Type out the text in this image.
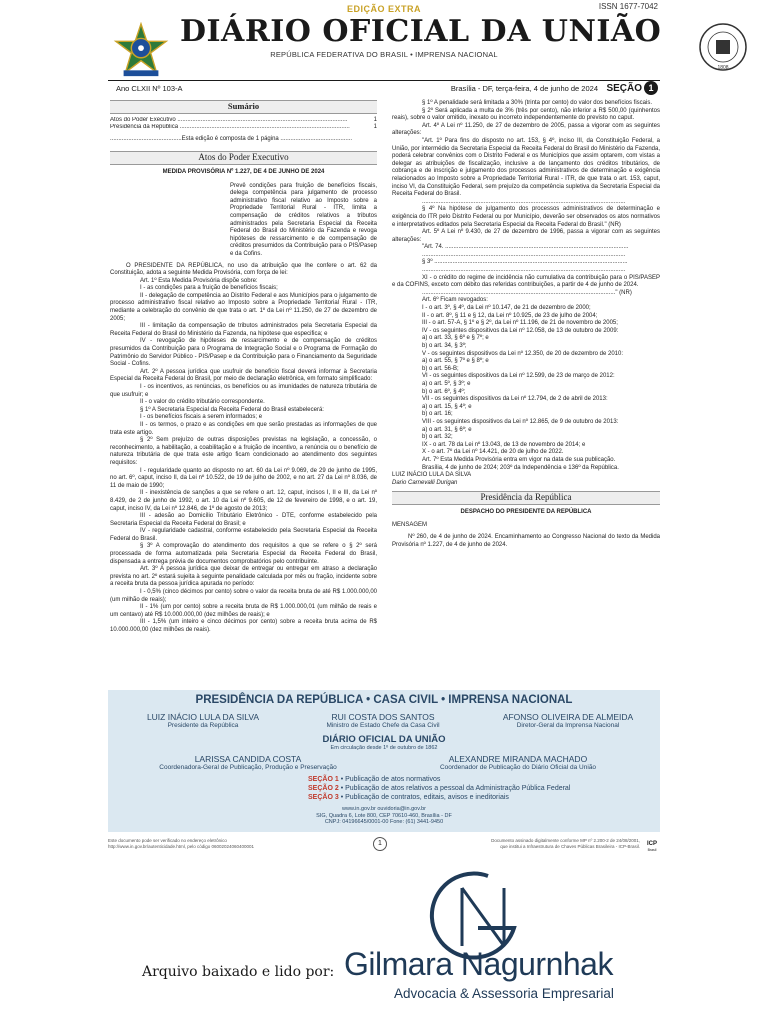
EDIÇÃO EXTRA	ISSN 1677-7042
DIÁRIO OFICIAL DA UNIÃO
REPÚBLICA FEDERATIVA DO BRASIL • IMPRENSA NACIONAL
1808
Ano CLXII Nº 103-A	Brasília - DF, terça-feira, 4 de junho de 2024 SEÇÃO 1
Sumário
Atos do Poder Executivo ......................................................................................................	1
Presidência da República ......................................................................................................	1
...........................................Esta edição é composta de 1 página ...........................................
Atos do Poder Executivo
MEDIDA PROVISÓRIA Nº 1.227, DE 4 DE JUNHO DE 2024

Prevê condições para fruição de benefícios fiscais, delega competência para julgamento de processo administrativo fiscal relativo ao Imposto sobre a Propriedade Territorial Rural - ITR, limita a compensação de créditos relativos a tributos administrados pela Secretaria Especial da Receita Federal do Brasil do Ministério da Fazenda e revoga hipóteses de ressarcimento e de compensação de créditos presumidos da Contribuição para o PIS/Pasep e da Cofins.

O PRESIDENTE DA REPÚBLICA, no uso da atribuição que lhe confere o art. 62 da Constituição, adota a seguinte Medida Provisória, com força de lei:

Art. 1º Esta Medida Provisória dispõe sobre:

I - as condições para a fruição de benefícios fiscais;

II - delegação de competência ao Distrito Federal e aos Municípios para o julgamento de processo administrativo fiscal relativo ao Imposto sobre a Propriedade Territorial Rural - ITR, mediante a celebração do convênio de que trata o art. 1º da Lei nº 11.250, de 27 de dezembro de 2005;

III - limitação da compensação de tributos administrados pela Secretaria Especial da Receita Federal do Brasil do Ministério da Fazenda, na hipótese que especifica; e

IV - revogação de hipóteses de ressarcimento e de compensação de créditos presumidos da Contribuição para o Programa de Integração Social e o Programa de Formação do Patrimônio do Servidor Público - PIS/Pasep e da Contribuição para o Financiamento da Seguridade Social - Cofins.

Art. 2º A pessoa jurídica que usufruir de benefício fiscal deverá informar à Secretaria Especial da Receita Federal do Brasil, por meio de declaração eletrônica, em formato simplificado:

I - os incentivos, as renúncias, os benefícios ou as imunidades de natureza tributária de que usufruir; e

II - o valor do crédito tributário correspondente.

§ 1º A Secretaria Especial da Receita Federal do Brasil estabelecerá:

I - os benefícios fiscais a serem informados; e

II - os termos, o prazo e as condições em que serão prestadas as informações de que trata este artigo.

§ 2º Sem prejuízo de outras disposições previstas na legislação, a concessão, o reconhecimento, a habilitação, a coabilitação e a fruição de incentivo, a renúncia ou o benefício de natureza tributária de que trata este artigo ficam condicionado ao atendimento dos seguintes requisitos:

I - regularidade quanto ao disposto no art. 60 da Lei nº 9.069, de 29 de junho de 1995, no art. 6º, caput, inciso II, da Lei nº 10.522, de 19 de julho de 2002, e no art. 27 da Lei nº 8.036, de 11 de maio de 1990;

II - inexistência de sanções a que se refere o art. 12, caput, incisos I, II e III, da Lei nº 8.429, de 2 de junho de 1992, o art. 10 da Lei nº 9.605, de 12 de fevereiro de 1998, e o art. 19, caput, inciso IV, da Lei nº 12.846, de 1º de agosto de 2013;

III - adesão ao Domicílio Tributário Eletrônico - DTE, conforme estabelecido pela Secretaria Especial da Receita Federal do Brasil; e

IV - regularidade cadastral, conforme estabelecido pela Secretaria Especial da Receita Federal do Brasil.

§ 3º A comprovação do atendimento dos requisitos a que se refere o § 2º será processada de forma automatizada pela Secretaria Especial da Receita Federal do Brasil, dispensada a entrega prévia de documentos comprobatórios pelo contribuinte.

Art. 3º A pessoa jurídica que deixar de entregar ou entregar em atraso a declaração prevista no art. 2º estará sujeita à seguinte penalidade calculada por mês ou fração, incidente sobre a receita bruta da pessoa jurídica apurada no período:

I - 0,5% (cinco décimos por cento) sobre o valor da receita bruta de até R$ 1.000.000,00 (um milhão de reais);

II - 1% (um por cento) sobre a receita bruta de R$ 1.000.000,01 (um milhão de reais e um centavo) até R$ 10.000.000,00 (dez milhões de reais); e

III - 1,5% (um inteiro e cinco décimos por cento) sobre a receita bruta acima de R$ 10.000.000,00 (dez milhões de reais).

§ 1º A penalidade será limitada a 30% (trinta por cento) do valor dos benefícios fiscais.

§ 2º Será aplicada a multa de 3% (três por cento), não inferior a R$ 500,00 (quinhentos reais), sobre o valor omitido, inexato ou incorreto independentemente do previsto no caput.

Art. 4º A Lei nº 11.250, de 27 de dezembro de 2005, passa a vigorar com as seguintes alterações:

"Art. 1º Para fins do disposto no art. 153, § 4º, inciso III, da Constituição Federal, a União, por intermédio da Secretaria Especial da Receita Federal do Brasil do Ministério da Fazenda, poderá celebrar convênios com o Distrito Federal e os Municípios que assim optarem, com vistas a delegar as atribuições de fiscalização, inclusive a de lançamento dos créditos tributários, de cobrança e de inscrição e julgamento dos processos administrativos de determinação e exigência relacionados ao Imposto sobre a Propriedade Territorial Rural - ITR, de que trata o art. 153, caput, inciso VI, da Constituição Federal, sem prejuízo da competência supletiva da Secretaria Especial da Receita Federal do Brasil.

..........................................................................................................................

§ 4º Na hipótese de julgamento dos processos administrativos de determinação e exigência do ITR pelo Distrito Federal ou por Município, deverão ser observados os atos normativos e interpretativos editados pela Secretaria Especial da Receita Federal do Brasil." (NR)

Art. 5º A Lei nº 9.430, de 27 de dezembro de 1996, passa a vigorar com as seguintes alterações:

"Art. 74. ..............................................................................................................

..........................................................................................................................

§ 3º ....................................................................................................................

..........................................................................................................................

XI - o crédito do regime de incidência não cumulativa da contribuição para o PIS/PASEP e da COFINS, exceto com débito das referidas contribuições, a partir de 4 de junho de 2024.

...................................................................................................................." (NR)

Art. 6º Ficam revogados:

I - o art. 3º, § 4º, da Lei nº 10.147, de 21 de dezembro de 2000;

II - o art. 8º, § 11 e § 12, da Lei nº 10.925, de 23 de julho de 2004;

III - o art. 57-A, § 1º e § 2º, da Lei nº 11.196, de 21 de novembro de 2005;

IV - os seguintes dispositivos da Lei nº 12.058, de 13 de outubro de 2009:

a) o art. 33, § 6º e § 7º; e

b) o art. 34, § 3º;

V - os seguintes dispositivos da Lei nº 12.350, de 20 de dezembro de 2010:

a) o art. 55, § 7º e § 8º; e

b) o art. 56-B;

VI - os seguintes dispositivos da Lei nº 12.599, de 23 de março de 2012:

a) o art. 5º, § 3º; e

b) o art. 6º, § 4º;

VII - os seguintes dispositivos da Lei nº 12.794, de 2 de abril de 2013:

a) o art. 15, § 4º; e

b) o art. 16;

VIII - os seguintes dispositivos da Lei nº 12.865, de 9 de outubro de 2013:

a) o art. 31, § 6º; e

b) o art. 32;

IX - o art. 78 da Lei nº 13.043, de 13 de novembro de 2014; e

X - o art. 7º da Lei nº 14.421, de 20 de julho de 2022.

Art. 7º Esta Medida Provisória entra em vigor na data de sua publicação.

Brasília, 4 de junho de 2024; 203º da Independência e 136º da República.

LUIZ INÁCIO LULA DA SILVA

Dario Carnevalli Durigan

Presidência da República
DESPACHO DO PRESIDENTE DA REPÚBLICA

MENSAGEM

Nº 260, de 4 de junho de 2024. Encaminhamento ao Congresso Nacional do texto da Medida Provisória nº 1.227, de 4 de junho de 2024.

PRESIDÊNCIA DA REPÚBLICA • CASA CIVIL • IMPRENSA NACIONAL
LUIZ INÁCIO LULA DA SILVA
Presidente da República
RUI COSTA DOS SANTOS
Ministro de Estado Chefe da Casa Civil
AFONSO OLIVEIRA DE ALMEIDA
Diretor-Geral da Imprensa Nacional
DIÁRIO OFICIAL DA UNIÃO
Em circulação desde 1º de outubro de 1862
LARISSA CANDIDA COSTA
Coordenadora-Geral de Publicação, Produção e Preservação
ALEXANDRE MIRANDA MACHADO
Coordenador de Publicação do Diário Oficial da União
SEÇÃO 1 • Publicação de atos normativos
SEÇÃO 2 • Publicação de atos relativos a pessoal da Administração Pública Federal
SEÇÃO 3 • Publicação de contratos, editais, avisos e ineditoriais
www.in.gov.br ouvidoria@in.gov.br
SIG, Quadra 6, Lote 800, CEP 70610-460, Brasília - DF
CNPJ: 04196645/0001-00 Fone: (61) 3441-9450
Este documento pode ser verificado no endereço eletrônico
http://www.in.gov.br/autenticidade.html, pelo código 06002024060400001	1	Documento assinado digitalmente conforme MP nº 2.200-2 de 24/08/2001,
que institui a Infraestrutura de Chaves Públicas Brasileira - ICP-Brasil. ICP
Brasil
Arquivo baixado e lido por: Gilmara Nagurnhak
Advocacia & Assessoria Empresarial
